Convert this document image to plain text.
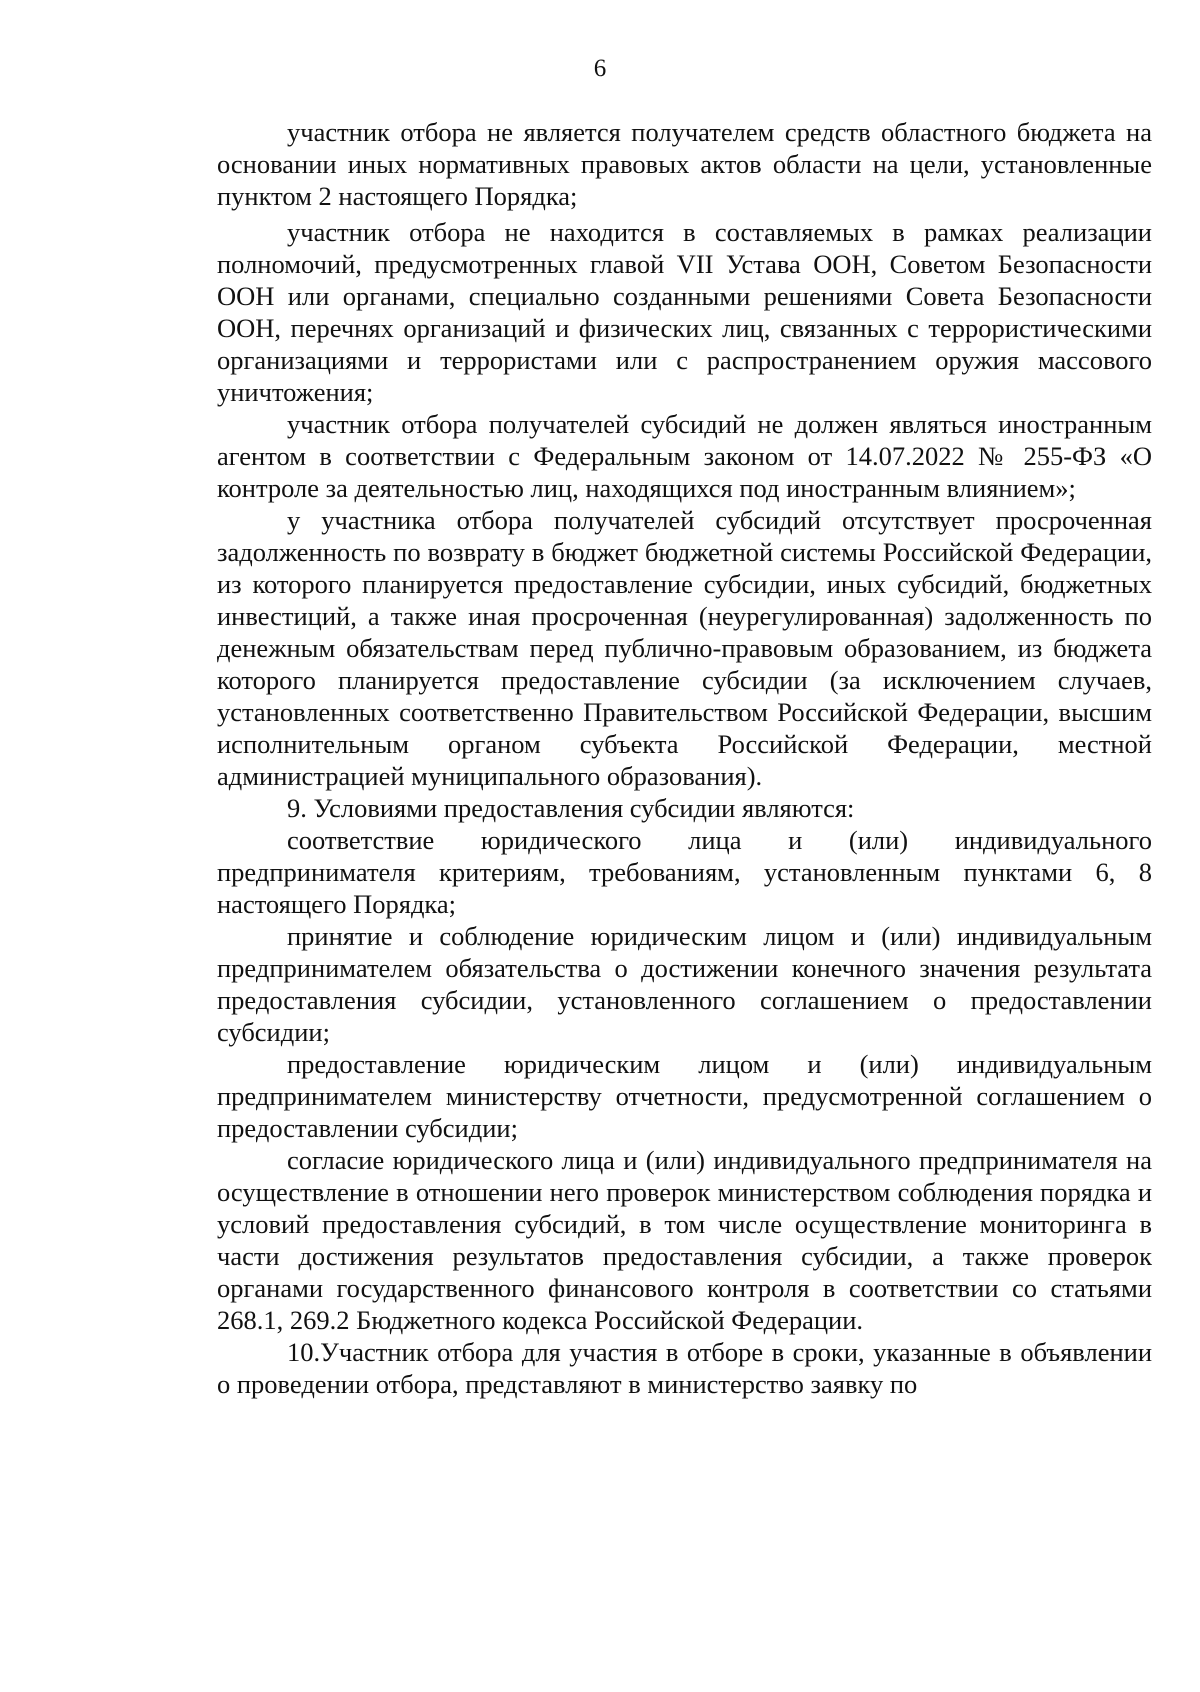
6

участник отбора не является получателем средств областного бюджета на основании иных нормативных правовых актов области на цели, установленные пунктом 2 настоящего Порядка;

участник отбора не находится в составляемых в рамках реализации полномочий, предусмотренных главой VII Устава ООН, Советом Безопасности ООН или органами, специально созданными решениями Совета Безопасности ООН, перечнях организаций и физических лиц, связанных с террористическими организациями и террористами или с распространением оружия массового уничтожения;

участник отбора получателей субсидий не должен являться иностранным агентом в соответствии с Федеральным законом от 14.07.2022 № 255-ФЗ «О контроле за деятельностью лиц, находящихся под иностранным влиянием»;

у участника отбора получателей субсидий отсутствует просроченная задолженность по возврату в бюджет бюджетной системы Российской Федерации, из которого планируется предоставление субсидии, иных субсидий, бюджетных инвестиций, а также иная просроченная (неурегулированная) задолженность по денежным обязательствам перед публично-правовым образованием, из бюджета которого планируется предоставление субсидии (за исключением случаев, установленных соответственно Правительством Российской Федерации, высшим исполнительным органом субъекта Российской Федерации, местной администрацией муниципального образования).

9. Условиями предоставления субсидии являются:

соответствие юридического лица и (или) индивидуального предпринимателя критериям, требованиям, установленным пунктами 6, 8 настоящего Порядка;

принятие и соблюдение юридическим лицом и (или) индивидуальным предпринимателем обязательства о достижении конечного значения результата предоставления субсидии, установленного соглашением о предоставлении субсидии;

предоставление юридическим лицом и (или) индивидуальным предпринимателем министерству отчетности, предусмотренной соглашением о предоставлении субсидии;

согласие юридического лица и (или) индивидуального предпринимателя на осуществление в отношении него проверок министерством соблюдения порядка и условий предоставления субсидий, в том числе осуществление мониторинга в части достижения результатов предоставления субсидии, а также проверок органами государственного финансового контроля в соответствии со статьями 268.1, 269.2 Бюджетного кодекса Российской Федерации.

10.Участник отбора для участия в отборе в сроки, указанные в объявлении о проведении отбора, представляют в министерство заявку по
